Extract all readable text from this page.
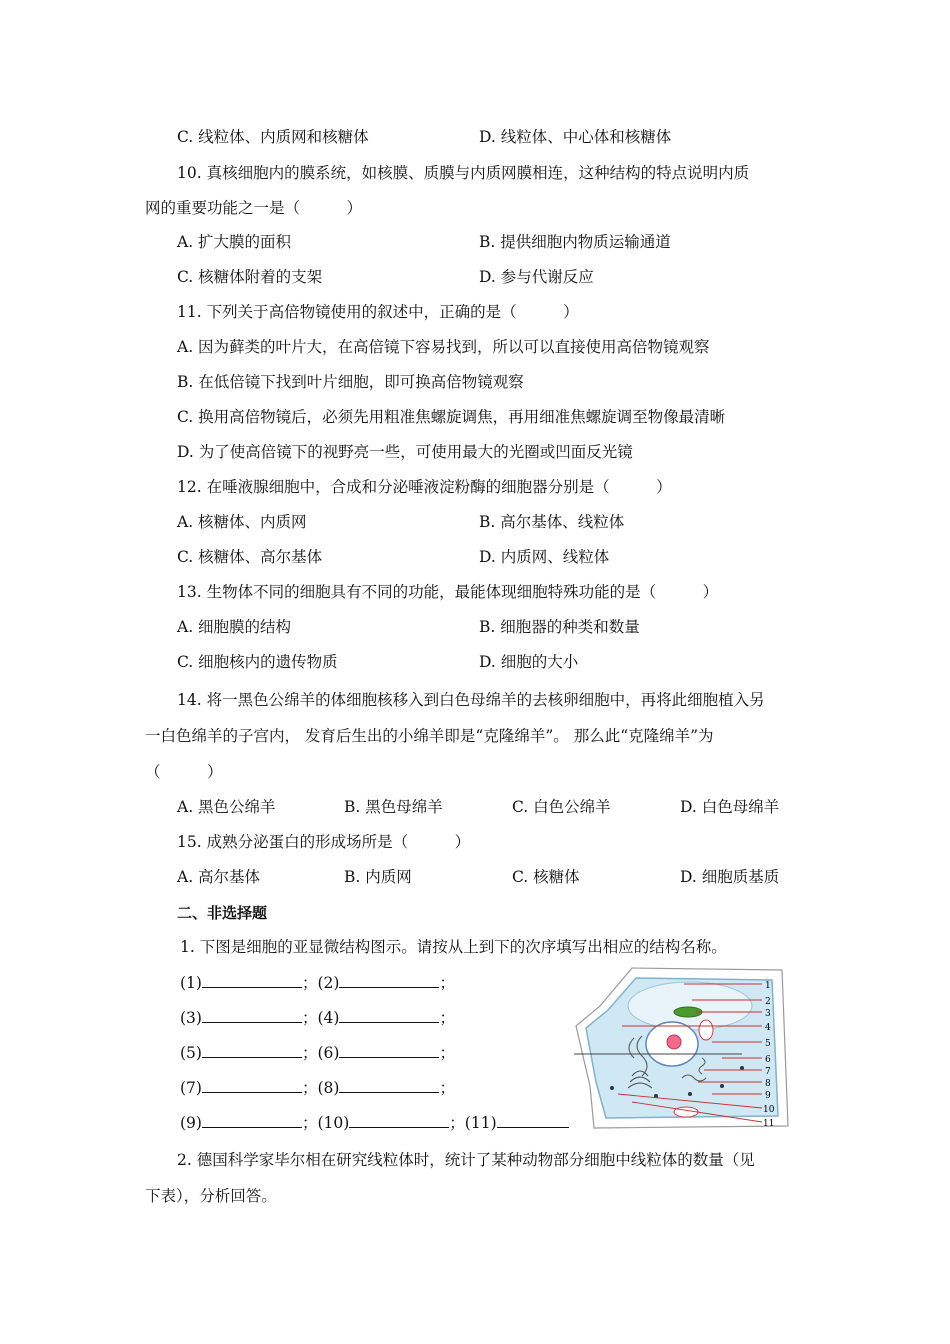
C. 线粒体、内质网和核糖体	D. 线粒体、中心体和核糖体
10. 真核细胞内的膜系统，如核膜、质膜与内质网膜相连，这种结构的特点说明内质
网的重要功能之一是（　　　）
A. 扩大膜的面积	B. 提供细胞内物质运输通道
C. 核糖体附着的支架	D. 参与代谢反应
11. 下列关于高倍物镜使用的叙述中，正确的是（　　　）
A. 因为藓类的叶片大，在高倍镜下容易找到，所以可以直接使用高倍物镜观察
B. 在低倍镜下找到叶片细胞，即可换高倍物镜观察
C. 换用高倍物镜后，必须先用粗准焦螺旋调焦，再用细准焦螺旋调至物像最清晰
D. 为了使高倍镜下的视野亮一些，可使用最大的光圈或凹面反光镜
12. 在唾液腺细胞中，合成和分泌唾液淀粉酶的细胞器分别是（　　　）
A. 核糖体、内质网	B. 高尔基体、线粒体
C. 核糖体、高尔基体	D. 内质网、线粒体
13. 生物体不同的细胞具有不同的功能，最能体现细胞特殊功能的是（　　　）
A. 细胞膜的结构	B. 细胞器的种类和数量
C. 细胞核内的遗传物质	D. 细胞的大小
14. 将一黑色公绵羊的体细胞核移入到白色母绵羊的去核卵细胞中，再将此细胞植入另
一白色绵羊的子宫内， 发育后生出的小绵羊即是“克隆绵羊”。 那么此“克隆绵羊”为
（　　　）
A. 黑色公绵羊	B. 黑色母绵羊	C. 白色公绵羊	D. 白色母绵羊
15. 成熟分泌蛋白的形成场所是（　　　）
A. 高尔基体	B. 内质网	C. 核糖体	D. 细胞质基质
二、非选择题
1. 下图是细胞的亚显微结构图示。请按从上到下的次序填写出相应的结构名称。
(1)	；(2)	；
(3)	；(4)	；
(5)	；(6)	；
(7)	；(8)	；
(9)	；(10)	；(11)
1
2
3
4
5
6
7
8
9
10
11
2. 德国科学家毕尔相在研究线粒体时，统计了某种动物部分细胞中线粒体的数量（见
下表），分析回答。
